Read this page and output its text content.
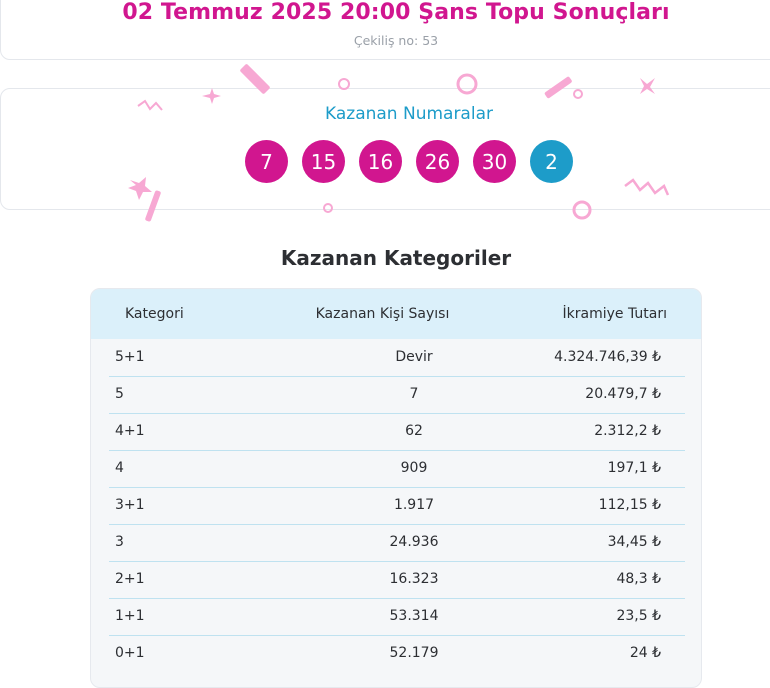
02 Temmuz 2025 20:00 Şans Topu Sonuçları
Çekiliş no: 53
Kazanan Numaralar
7	15	16	26	30	2
Kazanan Kategoriler
Kategori	Kazanan Kişi Sayısı	İkramiye Tutarı
5+1	Devir	4.324.746,39 ₺
5	7	20.479,7 ₺
4+1	62	2.312,2 ₺
4	909	197,1 ₺
3+1	1.917	112,15 ₺
3	24.936	34,45 ₺
2+1	16.323	48,3 ₺
1+1	53.314	23,5 ₺
0+1	52.179	24 ₺
